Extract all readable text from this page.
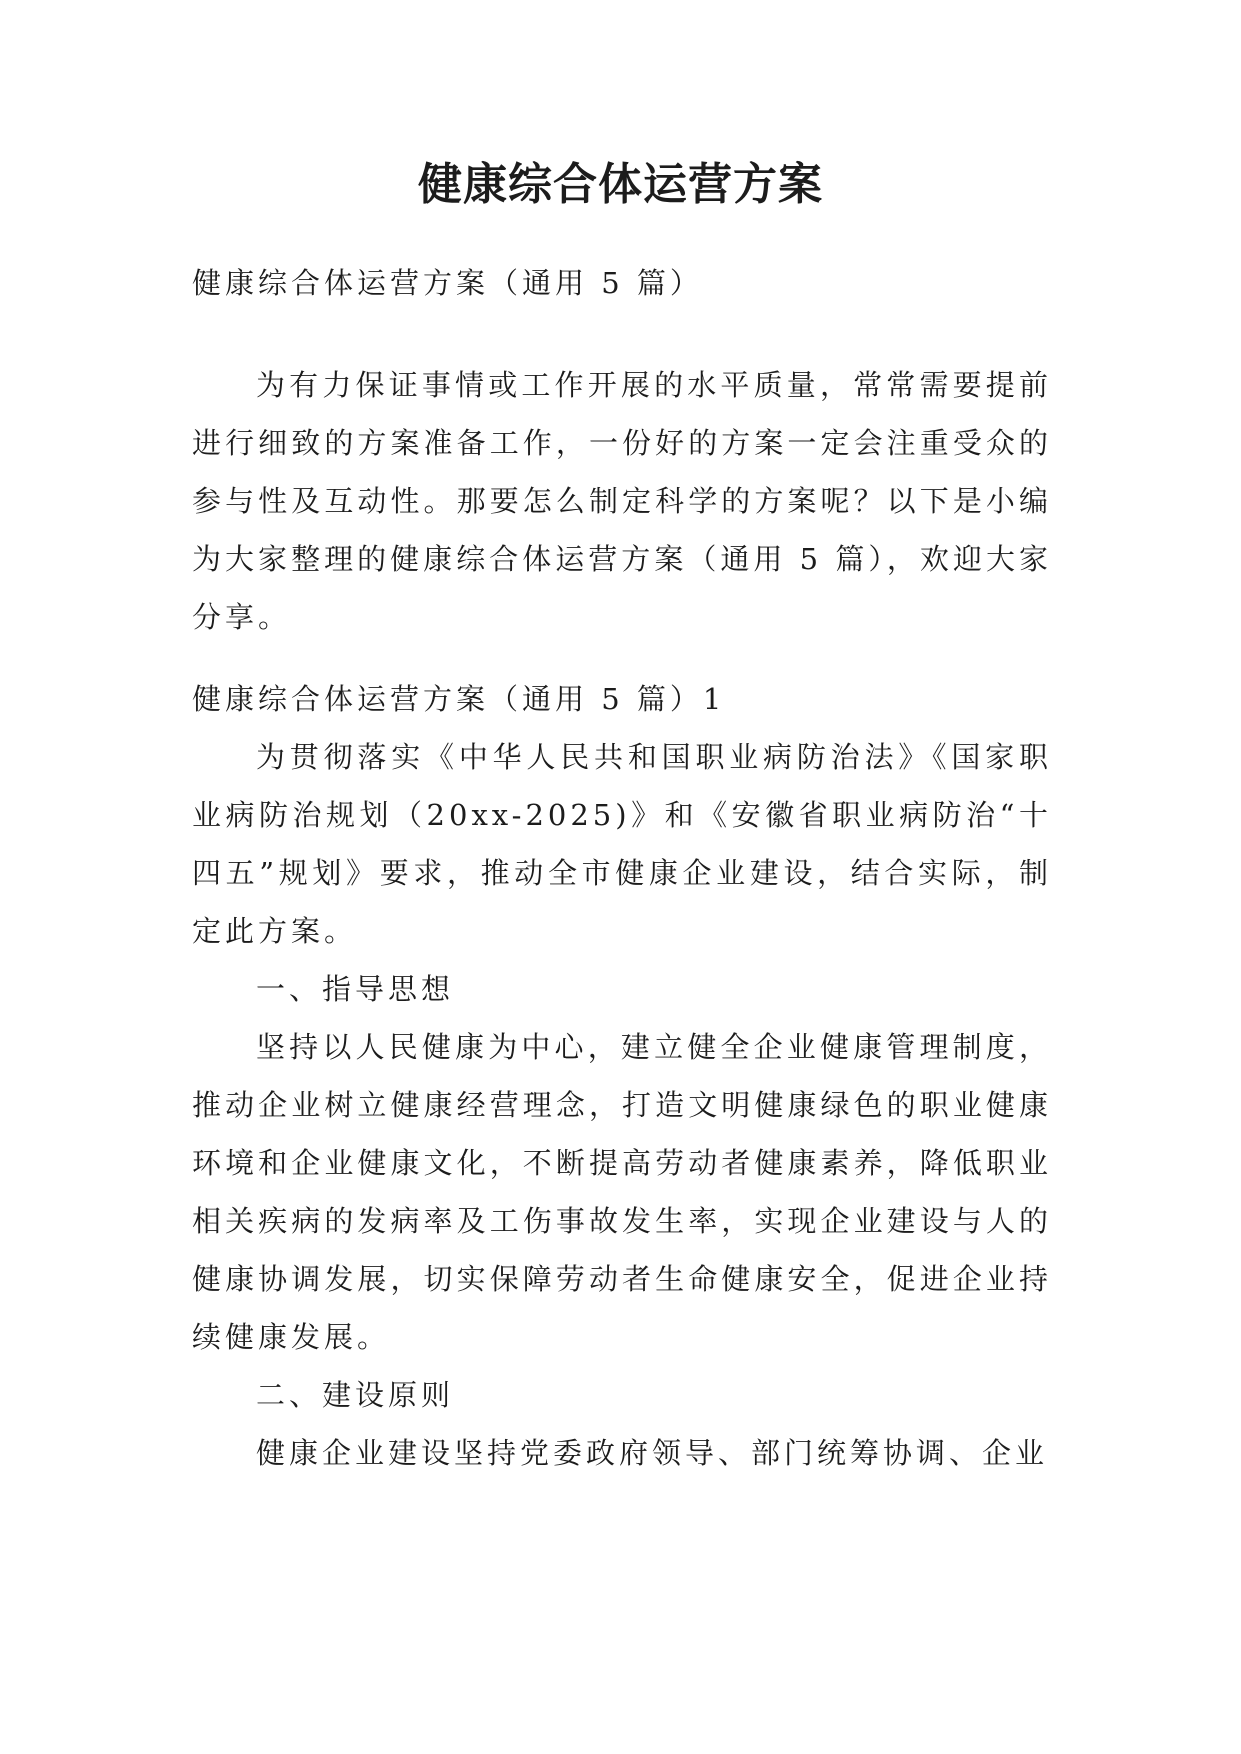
健康综合体运营方案

健康综合体运营方案（通用 5 篇）

为有力保证事情或工作开展的水平质量，常常需要提前进行细致的方案准备工作，一份好的方案一定会注重受众的参与性及互动性。那要怎么制定科学的方案呢？以下是小编为大家整理的健康综合体运营方案（通用 5 篇），欢迎大家分享。

健康综合体运营方案（通用 5 篇）1

为贯彻落实《中华人民共和国职业病防治法》《国家职业病防治规划（20xx-2025)》和《安徽省职业病防治“十四五”规划》要求，推动全市健康企业建设，结合实际，制定此方案。

一、指导思想

坚持以人民健康为中心，建立健全企业健康管理制度，推动企业树立健康经营理念，打造文明健康绿色的职业健康环境和企业健康文化，不断提高劳动者健康素养，降低职业相关疾病的发病率及工伤事故发生率，实现企业建设与人的健康协调发展，切实保障劳动者生命健康安全，促进企业持续健康发展。

二、建设原则

健康企业建设坚持党委政府领导、部门统筹协调、企业
